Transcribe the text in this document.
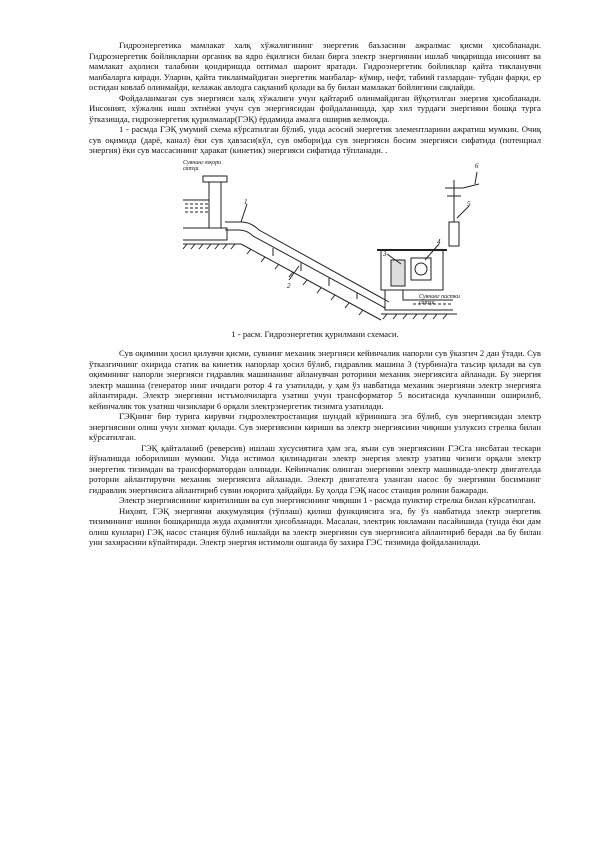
Гидроэнергетика мамлакат халқ хўжалигининг энергетик баъзасини ажралмас қисми ҳисобланади. Гидроэнергетик бойликларни органик ва ядро ёқилгиси билан бирга электр энергиянни ишлаб чиқаришда инсоният ва мамлакат аҳолиси талабини қондиришда оптимал шароит яратади. Гидроэнергетик бойликлар қайта тикланувчи манбаларга киради. Уларни, қайта тикланмайдиган энергетик манбалар- кўмир, нефт, табиий газлардан- тубдан фарқи, ер остидан ковлаб олинмайди, келажак авлодга сақланиб қолади ва бу билан мамлакат бойлигини сақлайди.

Фойдаланмаган сув энергияси халқ хўжалиги учун қайтариб олинмайдиган йўқотилган энергия ҳисобланади. Инсоният, хўжалик ишш эхтиёжи учун сув энергиясидан фойдаланишда, ҳар хил турдаги энергияни бошқа турга ўтказишда, гидроэнергетик қурилмалар(ГЭҚ) ёрдамида амалга оширив келмоқда.

1 - расмда ГЭҚ умумий схема кўрсатилган бўлиб, унда асосий энергетик элементларини ажратиш мумкин. Очиқ сув оқимида (дарё, канал) ёки сув ҳавзаси(кўл, сув омбори)да сув энергияси босим энергияси сифатида (потенциал энергия) ёки сув массасининг ҳаракат (кинетик) энергияси сифатида тўпланади. .

Сувнинг юқори сатҳи
Сувнинг пастки сатҳи
1
2
3
4
5
6

1 - расм. Гидроэнергетик қурилмани схемаси.

Сув оқимини ҳосил қилувчи қисми, сувнинг механик энергияси кейинчалик напорли сув ўказгич 2 дан ўтади. Сув ўтказгичнинг охирида статик ва кинетик напорлар ҳосил бўлиб, гидравлик машина 3 (турбина)га таъсир қилади ва сув оқимининг напорли энергияси гидравлик машинанинг айланувчан роторини механик энергиясига айланади. Бу энергия электр машина (генератор нинг ичидаги ротор 4 га узатилади, у ҳам ўз навбатида механик энергияни электр энергияга айлантиради. Электр энергияни истъмолчиларга узатиш учун трансформатор 5 воситасида кучланиши оширилиб, кейинчалик ток узатиш чизиклари 6 орқали электрэнергетик тизимга узатилади.

ГЭҚнинг бир турига кирувчи гидроэлектростанция шундай кўринишга эга бўлиб, сув энергиясидан электр энергиясини олиш учун хизмат қилади. Сув энергиясини кириши ва электр энергиясини чиқиши узлуксиз стрелка билан кўрсатилган.

ГЭҚ қайталаниб (реверсив) ишлаш хусусиятига ҳам эга, яъни сув энергиясини ГЭСга нисбатан тескари йўналишда юборилиши мумкин. Унда истимол қилинадиган электр энергия электр узатиш чизиги орқали электр энергетик тизимдан ва трансформатордан олинади. Кейинчалик олинган энергияни электр машинада-электр двигателда роторни айлантирувчи механик энергиясига айланади. Электр двигателга уланган насос бу энергияни босимнинг гидравлик энергиясига айлантириб сувни юқорига ҳайдайди. Бу ҳолда ГЭҚ насос станция ролини бажаради.

Электр энергиясининг киритилиши ва сув энергиясининг чиқиши 1 - расмда пунктир стрелка билан кўрсатилган.

Ниҳоят, ГЭҚ энергияни аккумуляция (тўплаш) қилиш функциясига эга, бу ўз навбатида электр энергетик тизимининг ишини бошқаришда жуда аҳамиятли ҳисобланади. Масалан, электрик юкламани пасайишида (тунда ёки дам олиш кунлари) ГЭҚ насос станция бўлиб ишлайди ва электр энергияни сув энергиясига айлантириб беради .ва бу билан уни захирасини кўпайтиради. Электр энергия истимоли ошганда бу захира ГЭС тизимида фойдаланилади.
